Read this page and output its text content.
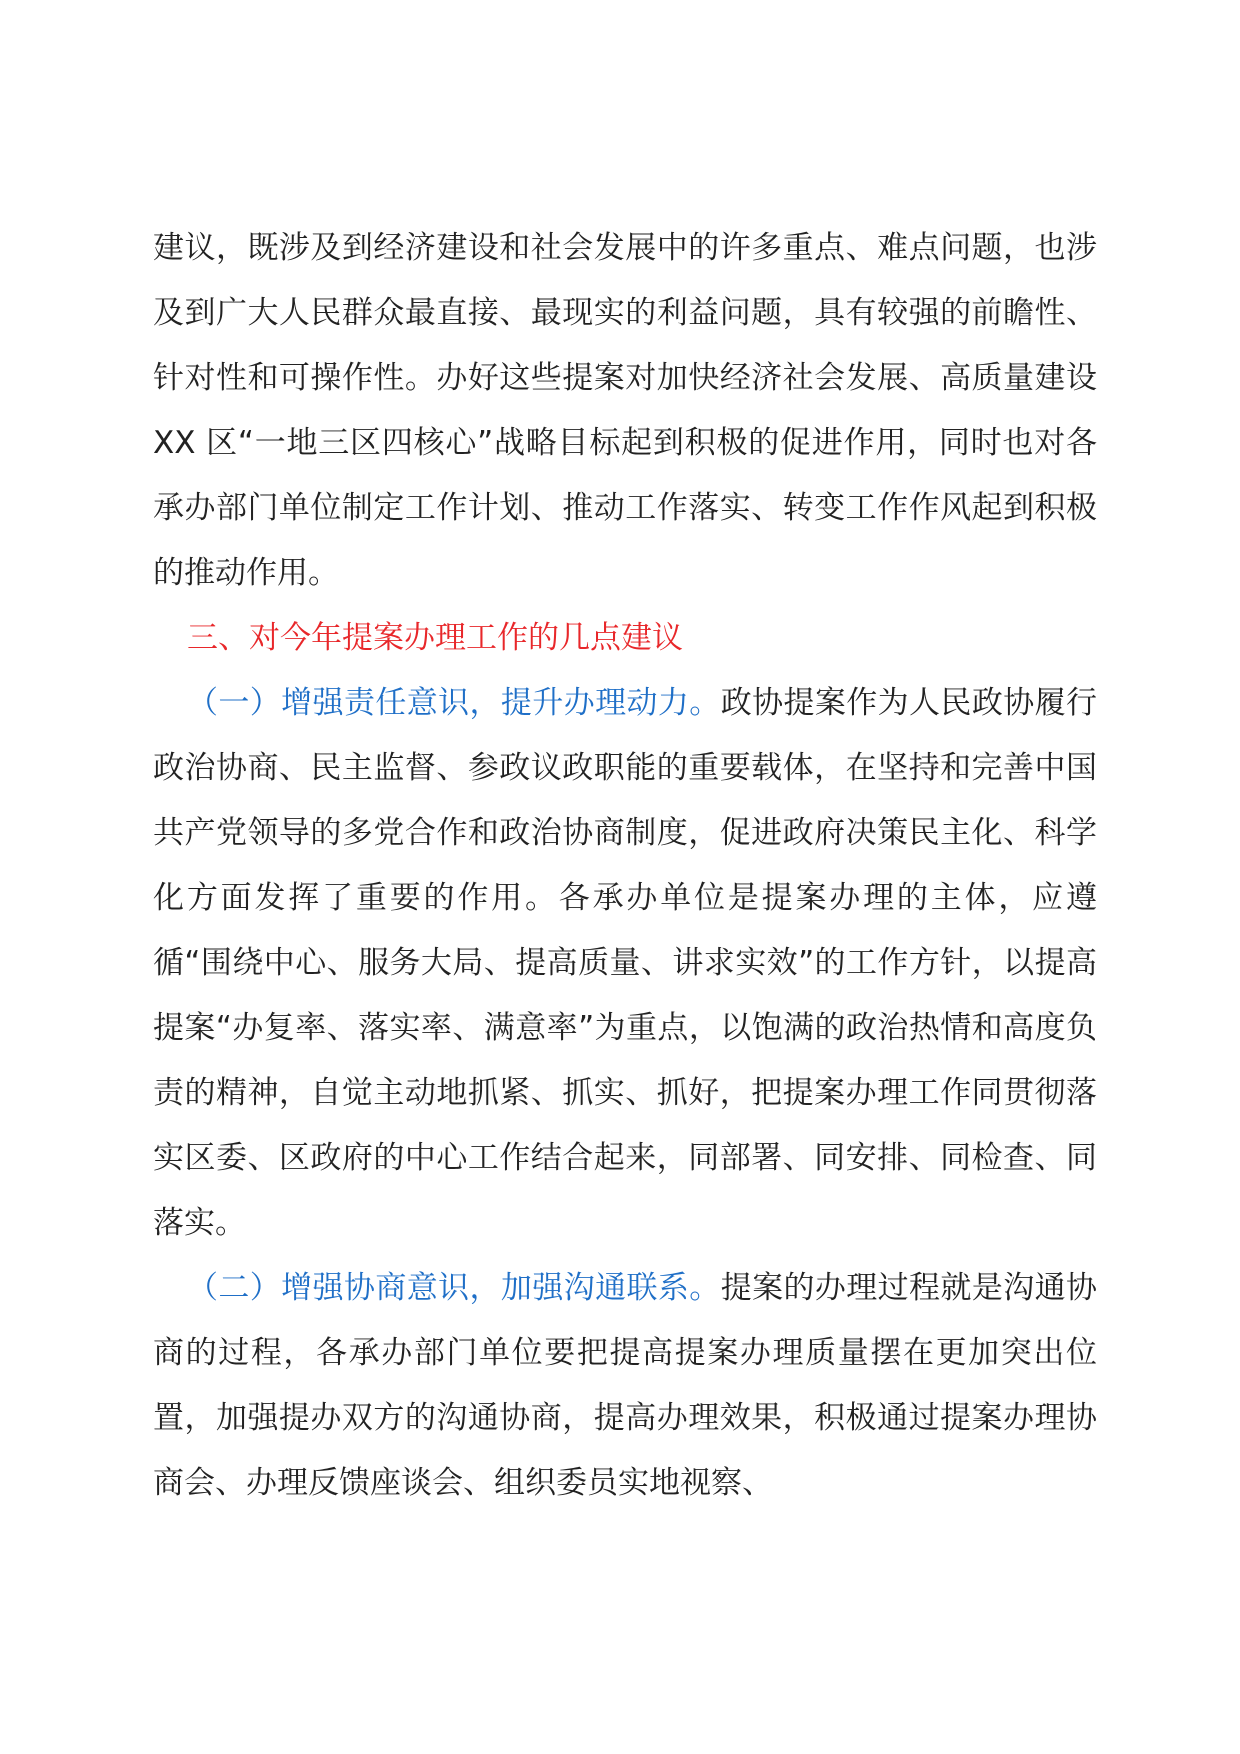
建议，既涉及到经济建设和社会发展中的许多重点、难点问题，也涉及到广大人民群众最直接、最现实的利益问题，具有较强的前瞻性、针对性和可操作性。办好这些提案对加快经济社会发展、高质量建设 XX 区“一地三区四核心”战略目标起到积极的促进作用，同时也对各承办部门单位制定工作计划、推动工作落实、转变工作作风起到积极的推动作用。

三、对今年提案办理工作的几点建议

（一）增强责任意识，提升办理动力。政协提案作为人民政协履行政治协商、民主监督、参政议政职能的重要载体，在坚持和完善中国共产党领导的多党合作和政治协商制度，促进政府决策民主化、科学化方面发挥了重要的作用。各承办单位是提案办理的主体，应遵循“围绕中心、服务大局、提高质量、讲求实效”的工作方针，以提高提案“办复率、落实率、满意率”为重点，以饱满的政治热情和高度负责的精神，自觉主动地抓紧、抓实、抓好，把提案办理工作同贯彻落实区委、区政府的中心工作结合起来，同部署、同安排、同检查、同落实。

（二）增强协商意识，加强沟通联系。提案的办理过程就是沟通协商的过程，各承办部门单位要把提高提案办理质量摆在更加突出位置，加强提办双方的沟通协商，提高办理效果，积极通过提案办理协商会、办理反馈座谈会、组织委员实地视察、
